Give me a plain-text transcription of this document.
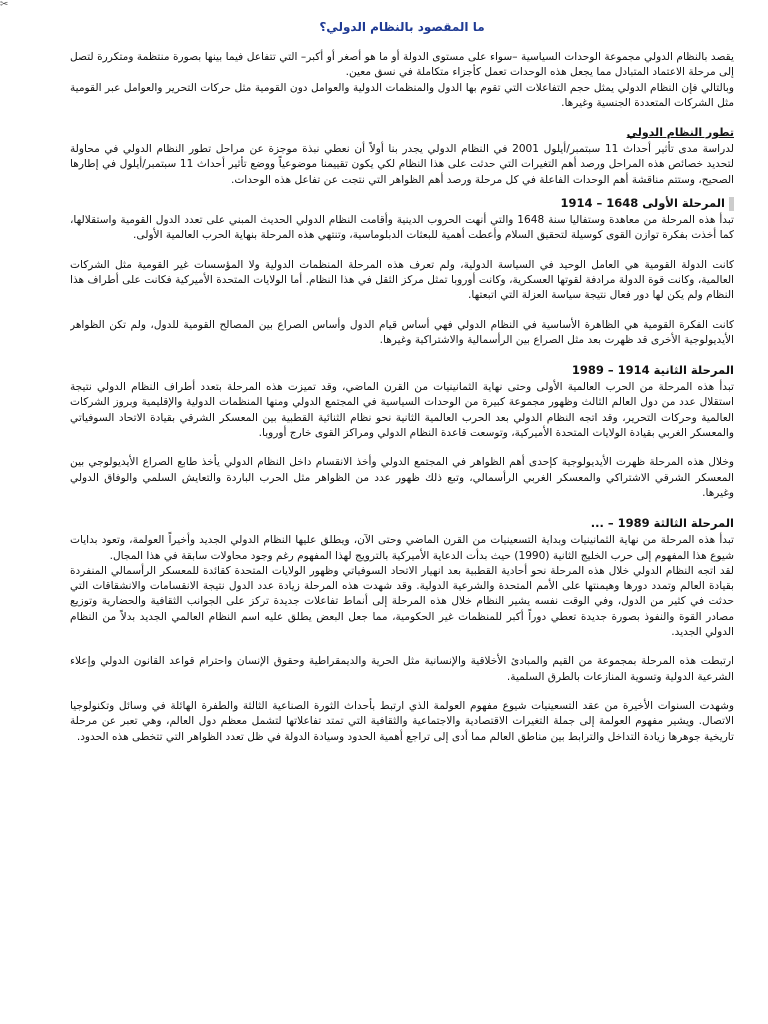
✂
ما المقصود بالنظام الدولي؟

يقصد بالنظام الدولي مجموعة الوحدات السياسية –سواء على مستوى الدولة أو ما هو أصغر أو أكبر– التي تتفاعل فيما بينها بصورة منتظمة ومتكررة لتصل إلى مرحلة الاعتماد المتبادل مما يجعل هذه الوحدات تعمل كأجزاء متكاملة في نسق معين.

وبالتالي فإن النظام الدولي يمثل حجم التفاعلات التي تقوم بها الدول والمنظمات الدولية والعوامل دون القومية مثل حركات التحرير والعوامل عبر القومية مثل الشركات المتعددة الجنسية وغيرها.

تطور النظام الدولي

لدراسة مدى تأثير أحداث 11 سبتمبر/أيلول 2001 في النظام الدولي يجدر بنا أولاً أن نعطي نبذة موجزة عن مراحل تطور النظام الدولي في محاولة لتحديد خصائص هذه المراحل ورصد أهم التغيرات التي حدثت على هذا النظام لكي يكون تقييمنا موضوعياً ووضع تأثير أحداث 11 سبتمبر/أيلول في إطارها الصحيح، وستتم مناقشة أهم الوحدات الفاعلة في كل مرحلة ورصد أهم الظواهر التي نتجت عن تفاعل هذه الوحدات.

المرحلة الأولى 1648 – 1914

تبدأ هذه المرحلة من معاهدة وستفاليا سنة 1648 والتي أنهت الحروب الدينية وأقامت النظام الدولي الحديث المبني على تعدد الدول القومية واستقلالها، كما أخذت بفكرة توازن القوى كوسيلة لتحقيق السلام وأعطت أهمية للبعثات الدبلوماسية، وتنتهي هذه المرحلة بنهاية الحرب العالمية الأولى.

كانت الدولة القومية هي العامل الوحيد في السياسة الدولية، ولم تعرف هذه المرحلة المنظمات الدولية ولا المؤسسات غير القومية مثل الشركات العالمية، وكانت قوة الدولة مرادفة لقوتها العسكرية، وكانت أوروبا تمثل مركز الثقل في هذا النظام. أما الولايات المتحدة الأميركية فكانت على أطراف هذا النظام ولم يكن لها دور فعال نتيجة سياسة العزلة التي اتبعتها.

كانت الفكرة القومية هي الظاهرة الأساسية في النظام الدولي فهي أساس قيام الدول وأساس الصراع بين المصالح القومية للدول، ولم تكن الظواهر الأيديولوجية الأخرى قد ظهرت بعد مثل الصراع بين الرأسمالية والاشتراكية وغيرها.

المرحلة الثانية 1914 – 1989

تبدأ هذه المرحلة من الحرب العالمية الأولى وحتى نهاية الثمانينيات من القرن الماضي، وقد تميزت هذه المرحلة بتعدد أطراف النظام الدولي نتيجة استقلال عدد من دول العالم الثالث وظهور مجموعة كبيرة من الوحدات السياسية في المجتمع الدولي ومنها المنظمات الدولية والإقليمية وبروز الشركات العالمية وحركات التحرير، وقد اتجه النظام الدولي بعد الحرب العالمية الثانية نحو نظام الثنائية القطبية بين المعسكر الشرقي بقيادة الاتحاد السوفياتي والمعسكر الغربي بقيادة الولايات المتحدة الأميركية، وتوسعت قاعدة النظام الدولي ومراكز القوى خارج أوروبا.

وخلال هذه المرحلة ظهرت الأيديولوجية كإحدى أهم الظواهر في المجتمع الدولي وأخذ الانقسام داخل النظام الدولي يأخذ طابع الصراع الأيديولوجي بين المعسكر الشرقي الاشتراكي والمعسكر الغربي الرأسمالي، وتبع ذلك ظهور عدد من الظواهر مثل الحرب الباردة والتعايش السلمي والوفاق الدولي وغيرها.

المرحلة الثالثة 1989 – ...

تبدأ هذه المرحلة من نهاية الثمانينيات وبداية التسعينيات من القرن الماضي وحتى الآن، ويطلق عليها النظام الدولي الجديد وأخيراً العولمة، وتعود بدايات شيوع هذا المفهوم إلى حرب الخليج الثانية (1990) حيث بدأت الدعاية الأميركية بالترويج لهذا المفهوم رغم وجود محاولات سابقة في هذا المجال.

لقد اتجه النظام الدولي خلال هذه المرحلة نحو أحادية القطبية بعد انهيار الاتحاد السوفياتي وظهور الولايات المتحدة كقائدة للمعسكر الرأسمالي المنفردة بقيادة العالم وتمدد دورها وهيمنتها على الأمم المتحدة والشرعية الدولية. وقد شهدت هذه المرحلة زيادة عدد الدول نتيجة الانقسامات والانشقاقات التي حدثت في كثير من الدول، وفي الوقت نفسه يشير النظام خلال هذه المرحلة إلى أنماط تفاعلات جديدة تركز على الجوانب الثقافية والحضارية وتوزيع مصادر القوة والنفوذ بصورة جديدة تعطي دوراً أكبر للمنظمات غير الحكومية، مما جعل البعض يطلق عليه اسم النظام العالمي الجديد بدلاً من النظام الدولي الجديد.

ارتبطت هذه المرحلة بمجموعة من القيم والمبادئ الأخلاقية والإنسانية مثل الحرية والديمقراطية وحقوق الإنسان واحترام قواعد القانون الدولي وإعلاء الشرعية الدولية وتسوية المنازعات بالطرق السلمية.

وشهدت السنوات الأخيرة من عقد التسعينيات شيوع مفهوم العولمة الذي ارتبط بأحداث الثورة الصناعية الثالثة والطفرة الهائلة في وسائل وتكنولوجيا الاتصال. ويشير مفهوم العولمة إلى جملة التغيرات الاقتصادية والاجتماعية والثقافية التي تمتد تفاعلاتها لتشمل معظم دول العالم، وهي تعبر عن مرحلة تاريخية جوهرها زيادة التداخل والترابط بين مناطق العالم مما أدى إلى تراجع أهمية الحدود وسيادة الدولة في ظل تعدد الظواهر التي تتخطى هذه الحدود.
